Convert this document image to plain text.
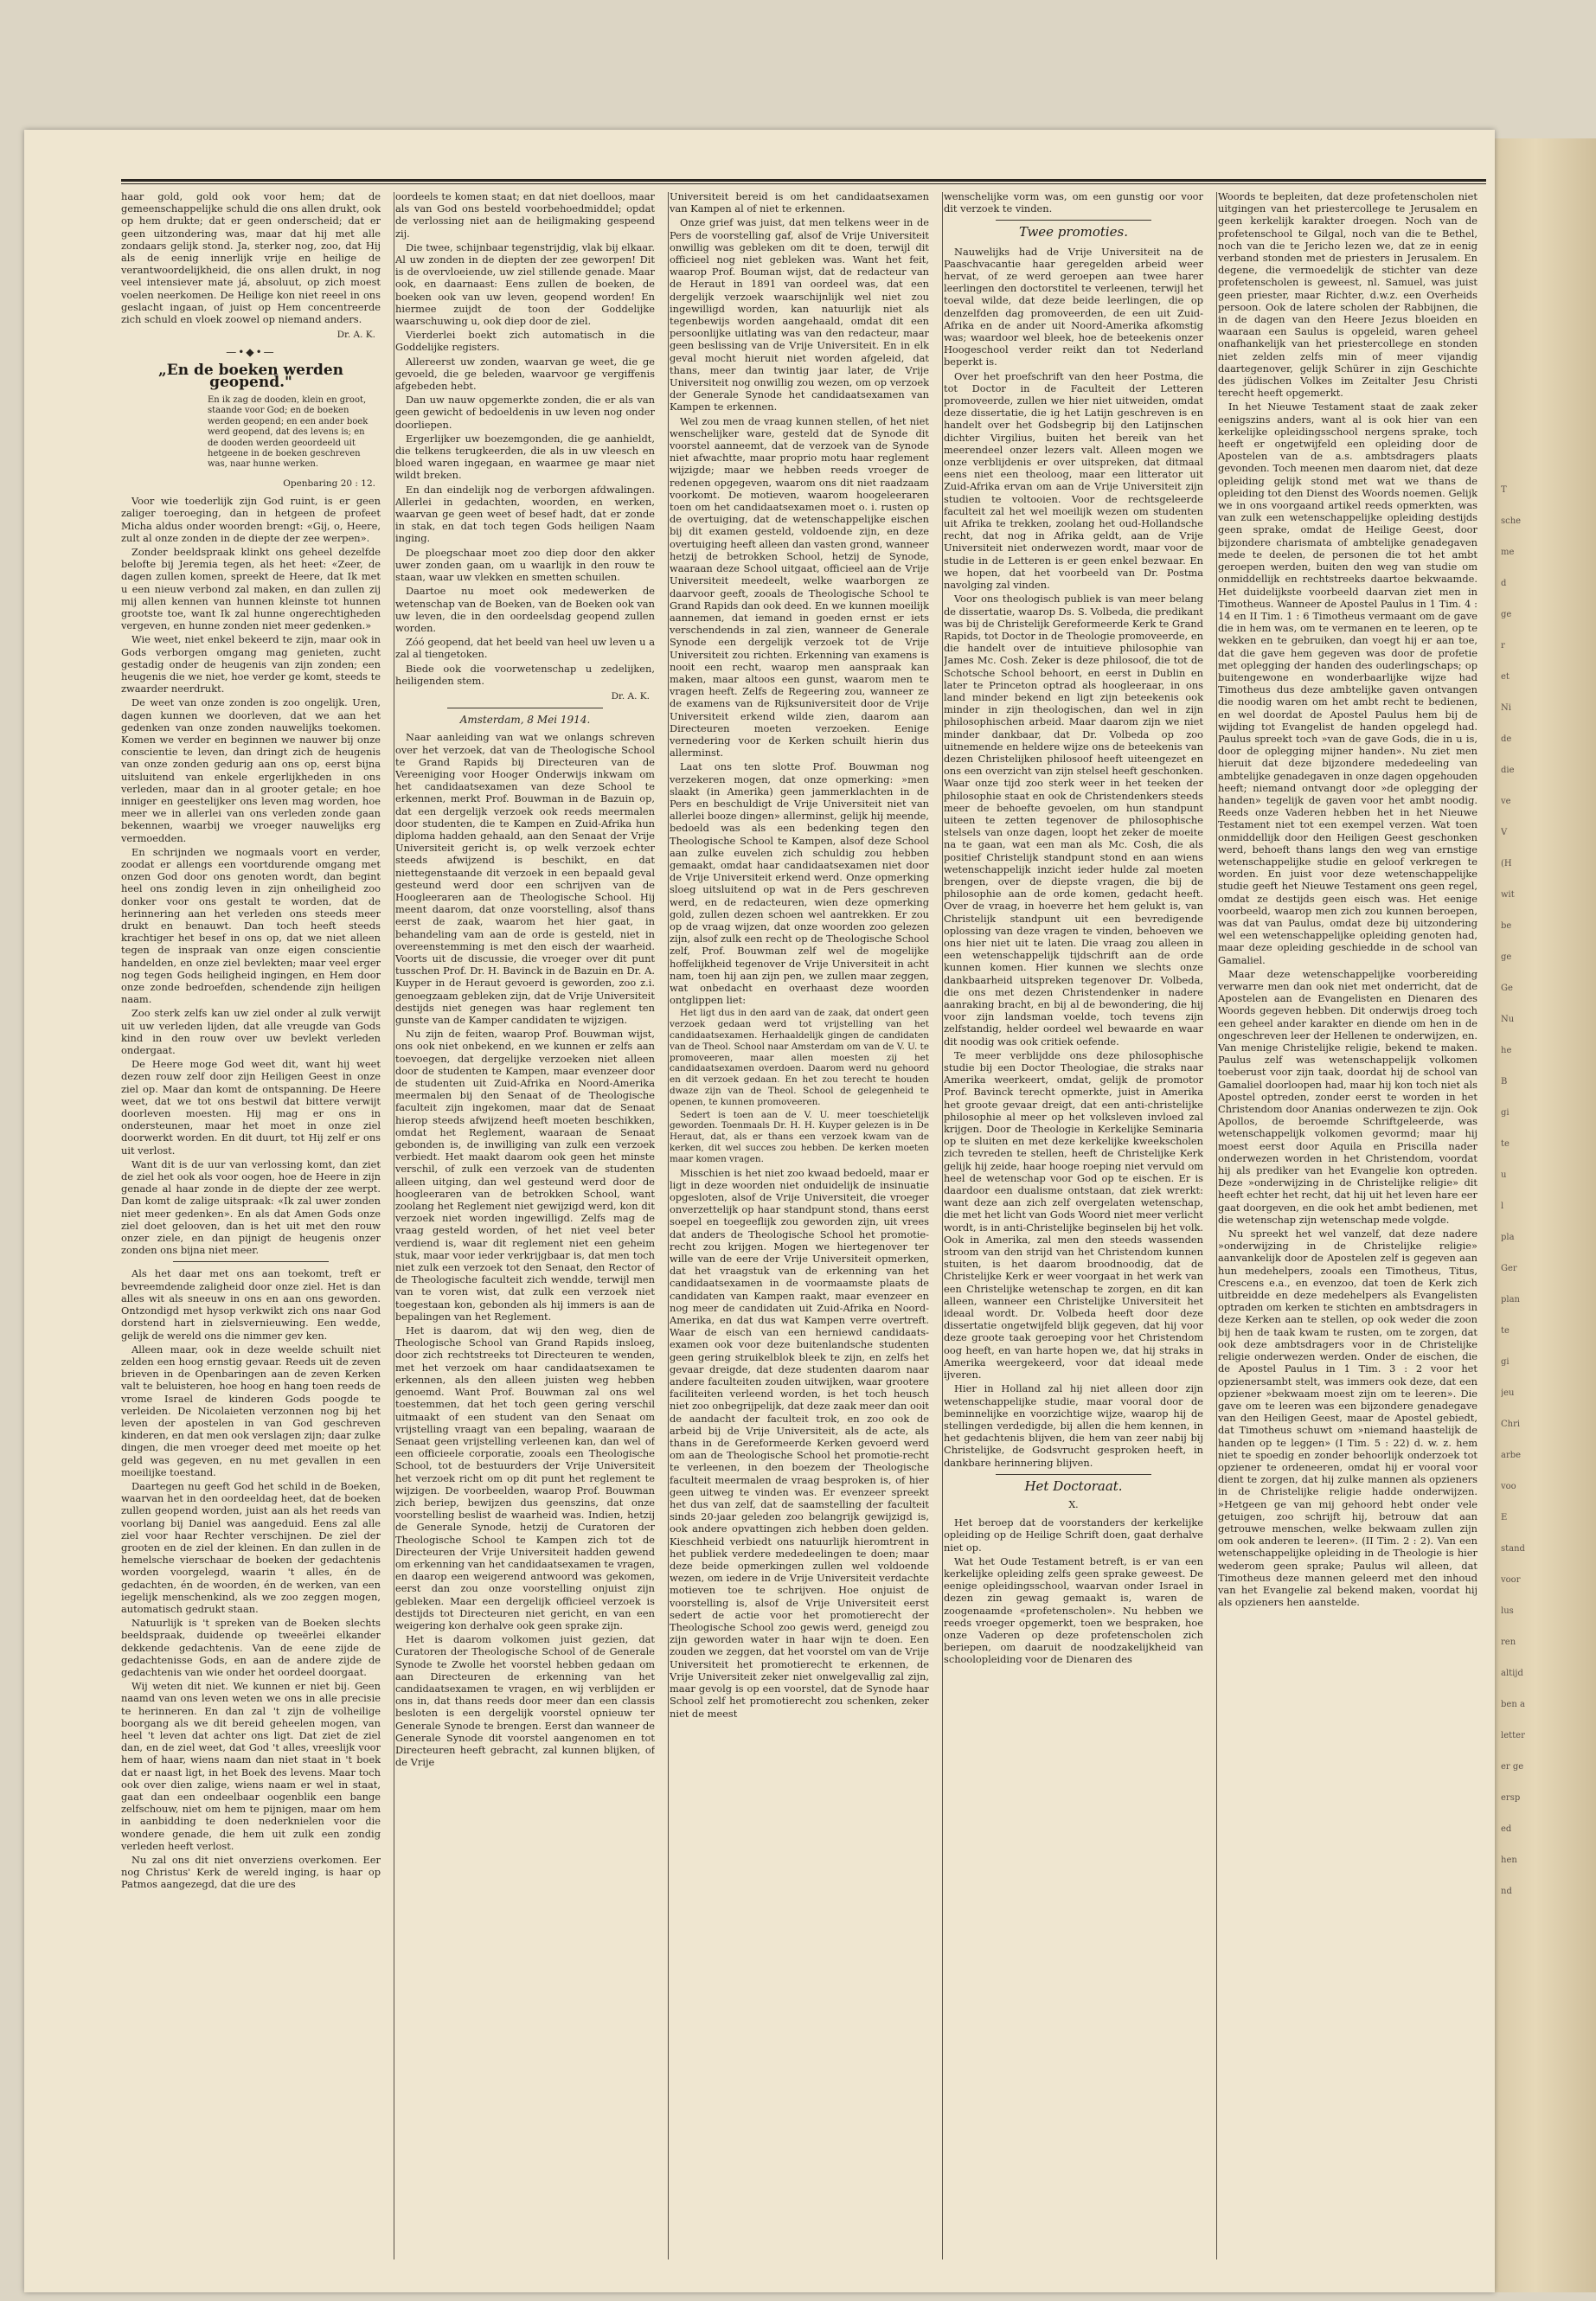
haar gold, gold ook voor hem; dat de gemeenschappelijke schuld die ons allen drukt, ook op hem drukte; dat er geen onderscheid; dat er geen uitzondering was, maar dat hij met alle zondaars gelijk stond. Ja, sterker nog, zoo, dat Hij als de eenig innerlijk vrije en heilige de verantwoordelijkheid, die ons allen drukt, in nog veel intensiever mate já, absoluut, op zich moest voelen neerkomen. De Heilige kon niet reeel in ons geslacht ingaan, of juist op Hem concentreerde zich schuld en vloek zoowel op niemand anders.

Dr. A. K.
—•◆•—
„En de boeken werden geopend."
En ik zag de dooden, klein en groot, staande voor God; en de boeken werden geopend; en een ander boek werd geopend, dat des levens is; en de dooden werden geoordeeld uit hetgeene in de boeken geschreven was, naar hunne werken.
Openbaring 20 : 12.

Voor wie toederlijk zijn God ruint, is er geen zaliger toeroeging, dan in hetgeen de profeet Micha aldus onder woorden brengt: «Gij, o, Heere, zult al onze zonden in de diepte der zee werpen».

Zonder beeldspraak klinkt ons geheel dezelfde belofte bij Jeremia tegen, als het heet: «Zeer, de dagen zullen komen, spreekt de Heere, dat Ik met u een nieuw verbond zal maken, en dan zullen zij mij allen kennen van hunnen kleinste tot hunnen grootste toe, want Ik zal hunne ongerechtigheden vergeven, en hunne zonden niet meer gedenken.»

Wie weet, niet enkel bekeerd te zijn, maar ook in Gods verborgen omgang mag genieten, zucht gestadig onder de heugenis van zijn zonden; een heugenis die we niet, hoe verder ge komt, steeds te zwaarder neerdrukt.

De weet van onze zonden is zoo ongelijk. Uren, dagen kunnen we doorleven, dat we aan het gedenken van onze zonden nauwelijks toekomen. Komen we verder en beginnen we nauwer bij onze conscientie te leven, dan dringt zich de heugenis van onze zonden gedurig aan ons op, eerst bijna uitsluitend van enkele ergerlijkheden in ons verleden, maar dan in al grooter getale; en hoe inniger en geestelijker ons leven mag worden, hoe meer we in allerlei van ons verleden zonde gaan bekennen, waarbij we vroeger nauwelijks erg vermoedden.

En schrijnden we nogmaals voort en verder, zoodat er allengs een voortdurende omgang met onzen God door ons genoten wordt, dan begint heel ons zondig leven in zijn onheiligheid zoo donker voor ons gestalt te worden, dat de herinnering aan het verleden ons steeds meer drukt en benauwt. Dan toch heeft steeds krachtiger het besef in ons op, dat we niet alleen tegen de inspraak van onze eigen conscientie handelden, en onze ziel bevlekten; maar veel erger nog tegen Gods heiligheid ingingen, en Hem door onze zonde bedroefden, schendende zijn heiligen naam.

Zoo sterk zelfs kan uw ziel onder al zulk verwijt uit uw verleden lijden, dat alle vreugde van Gods kind in den rouw over uw bevlekt verleden ondergaat.

De Heere moge God weet dit, want hij weet dezen rouw zelf door zijn Heiligen Geest in onze ziel op. Maar dan komt de ontspanning. De Heere weet, dat we tot ons bestwil dat bittere verwijt doorleven moesten. Hij mag er ons in ondersteunen, maar het moet in onze ziel doorwerkt worden. En dit duurt, tot Hij zelf er ons uit verlost.

Want dit is de uur van verlossing komt, dan ziet de ziel het ook als voor oogen, hoe de Heere in zijn genade al haar zonde in de diepte der zee werpt. Dan komt de zalige uitspraak: «Ik zal uwer zonden niet meer gedenken». En als dat Amen Gods onze ziel doet gelooven, dan is het uit met den rouw onzer ziele, en dan pijnigt de heugenis onzer zonden ons bijna niet meer.

Als het daar met ons aan toekomt, treft er bevreemdende zaligheid door onze ziel. Het is dan alles wit als sneeuw in ons en aan ons geworden. Ontzondigd met hysop verkwikt zich ons naar God dorstend hart in zielsvernieuwing. Een wedde, gelijk de wereld ons die nimmer gev ken.

Alleen maar, ook in deze weelde schuilt niet zelden een hoog ernstig gevaar. Reeds uit de zeven brieven in de Openbaringen aan de zeven Kerken valt te beluisteren, hoe hoog en hang toen reeds de vrome Israel de kinderen Gods poogde te verleiden. De Nicolaieten verzonnen nog bij het leven der apostelen in van God geschreven kinderen, en dat men ook verslagen zijn; daar zulke dingen, die men vroeger deed met moeite op het geld was gegeven, en nu met gevallen in een moeilijke toestand.

Daartegen nu geeft God het schild in de Boeken, waarvan het in den oordeeldag heet, dat de boeken zullen geopend worden, juist aan als het reeds van voorlang bij Daniel was aangeduid. Eens zal alle ziel voor haar Rechter verschijnen. De ziel der grooten en de ziel der kleinen. En dan zullen in de hemelsche vierschaar de boeken der gedachtenis worden voorgelegd, waarin 't alles, én de gedachten, én de woorden, én de werken, van een iegelijk menschenkind, als we zoo zeggen mogen, automatisch gedrukt staan.

Natuurlijk is 't spreken van de Boeken slechts beeldspraak, duidende op tweeërlei elkander dekkende gedachtenis. Van de eene zijde de gedachtenisse Gods, en aan de andere zijde de gedachtenis van wie onder het oordeel doorgaat.

Wij weten dit niet. We kunnen er niet bij. Geen naamd van ons leven weten we ons in alle precisie te herinneren. En dan zal 't zijn de volheilige boorgang als we dit bereid geheelen mogen, van heel 't leven dat achter ons ligt. Dat ziet de ziel dan, en de ziel weet, dat God 't alles, vreeslijk voor hem of haar, wiens naam dan niet staat in 't boek dat er naast ligt, in het Boek des levens. Maar toch ook over dien zalige, wiens naam er wel in staat, gaat dan een ondeelbaar oogenblik een bange zelfschouw, niet om hem te pijnigen, maar om hem in aanbidding te doen nederknielen voor die wondere genade, die hem uit zulk een zondig verleden heeft verlost.

Nu zal ons dit niet onverziens overkomen. Eer nog Christus' Kerk de wereld inging, is haar op Patmos aangezegd, dat die ure des

oordeels te komen staat; en dat niet doelloos, maar als van God ons besteld voorbehoedmiddel; opdat de verlossing niet aan de heiligmaking gespeend zij.

Die twee, schijnbaar tegenstrijdig, vlak bij elkaar. Al uw zonden in de diepten der zee geworpen! Dit is de overvloeiende, uw ziel stillende genade. Maar ook, en daarnaast: Eens zullen de boeken, de boeken ook van uw leven, geopend worden! En hiermee zuijdt de toon der Goddelijke waarschuwing u, ook diep door de ziel.

Vierderlei boekt zich automatisch in die Goddelijke registers.

Allereerst uw zonden, waarvan ge weet, die ge gevoeld, die ge beleden, waarvoor ge vergiffenis afgebeden hebt.

Dan uw nauw opgemerkte zonden, die er als van geen gewicht of bedoeldenis in uw leven nog onder doorliepen.

Ergerlijker uw boezemgonden, die ge aanhieldt, die telkens terugkeerden, die als in uw vleesch en bloed waren ingegaan, en waarmee ge maar niet wildt breken.

En dan eindelijk nog de verborgen afdwalingen. Allerlei in gedachten, woorden, en werken, waarvan ge geen weet of besef hadt, dat er zonde in stak, en dat toch tegen Gods heiligen Naam inging.

De ploegschaar moet zoo diep door den akker uwer zonden gaan, om u waarlijk in den rouw te staan, waar uw vlekken en smetten schuilen.

Daartoe nu moet ook medewerken de wetenschap van de Boeken, van de Boeken ook van uw leven, die in den oordeelsdag geopend zullen worden.

Zóó geopend, dat het beeld van heel uw leven u a zal al tiengetoken.

Biede ook die voorwetenschap u zedelijken, heiligenden stem.

Dr. A. K.
Amsterdam, 8 Mei 1914.

Naar aanleiding van wat we onlangs schreven over het verzoek, dat van de Theologische School te Grand Rapids bij Directeuren van de Vereeniging voor Hooger Onderwijs inkwam om het candidaatsexamen van deze School te erkennen, merkt Prof. Bouwman in de Bazuin op, dat een dergelijk verzoek ook reeds meermalen door studenten, die te Kampen en Zuid-Afrika hun diploma hadden gehaald, aan den Senaat der Vrije Universiteit gericht is, op welk verzoek echter steeds afwijzend is beschikt, en dat niettegenstaande dit verzoek in een bepaald geval gesteund werd door een schrijven van de Hoogleeraren aan de Theologische School. Hij meent daarom, dat onze voorstelling, alsof thans eerst de zaak, waarom het hier gaat, in behandeling vam aan de orde is gesteld, niet in overeenstemming is met den eisch der waarheid. Voorts uit de discussie, die vroeger over dit punt tusschen Prof. Dr. H. Bavinck in de Bazuin en Dr. A. Kuyper in de Heraut gevoerd is geworden, zoo z.i. genoegzaam gebleken zijn, dat de Vrije Universiteit destijds niet genegen was haar reglement ten gunste van de Kamper candidaten te wijzigen.

Nu zijn de feiten, waarop Prof. Bouwman wijst, ons ook niet onbekend, en we kunnen er zelfs aan toevoegen, dat dergelijke verzoeken niet alleen door de studenten te Kampen, maar evenzeer door de studenten uit Zuid-Afrika en Noord-Amerika meermalen bij den Senaat of de Theologische faculteit zijn ingekomen, maar dat de Senaat hierop steeds afwijzend heeft moeten beschikken, omdat het Reglement, waaraan de Senaat gebonden is, de inwilliging van zulk een verzoek verbiedt. Het maakt daarom ook geen het minste verschil, of zulk een verzoek van de studenten alleen uitging, dan wel gesteund werd door de hoogleeraren van de betrokken School, want zoolang het Reglement niet gewijzigd werd, kon dit verzoek niet worden ingewilligd. Zelfs mag de vraag gesteld worden, of het niet veel beter verdiend is, waar dit reglement niet een geheim stuk, maar voor ieder verkrijgbaar is, dat men toch niet zulk een verzoek tot den Senaat, den Rector of de Theologische faculteit zich wendde, terwijl men van te voren wist, dat zulk een verzoek niet toegestaan kon, gebonden als hij immers is aan de bepalingen van het Reglement.

Het is daarom, dat wij den weg, dien de Theologische School van Grand Rapids insloeg, door zich rechtstreeks tot Directeuren te wenden, met het verzoek om haar candidaatsexamen te erkennen, als den alleen juisten weg hebben genoemd. Want Prof. Bouwman zal ons wel toestemmen, dat het toch geen gering verschil uitmaakt of een student van den Senaat om vrijstelling vraagt van een bepaling, waaraan de Senaat geen vrijstelling verleenen kan, dan wel of een officieele corporatie, zooals een Theologische School, tot de bestuurders der Vrije Universiteit het verzoek richt om op dit punt het reglement te wijzigen. De voorbeelden, waarop Prof. Bouwman zich beriep, bewijzen dus geenszins, dat onze voorstelling beslist de waarheid was. Indien, hetzij de Generale Synode, hetzij de Curatoren der Theologische School te Kampen zich tot de Directeuren der Vrije Universiteit hadden gewend om erkenning van het candidaatsexamen te vragen, en daarop een weigerend antwoord was gekomen, eerst dan zou onze voorstelling onjuist zijn gebleken. Maar een dergelijk officieel verzoek is destijds tot Directeuren niet gericht, en van een weigering kon derhalve ook geen sprake zijn.

Het is daarom volkomen juist gezien, dat Curatoren der Theologische School of de Generale Synode te Zwolle het voorstel hebben gedaan om aan Directeuren de erkenning van het candidaatsexamen te vragen, en wij verblijden er ons in, dat thans reeds door meer dan een classis besloten is een dergelijk voorstel opnieuw ter Generale Synode te brengen. Eerst dan wanneer de Generale Synode dit voorstel aangenomen en tot Directeuren heeft gebracht, zal kunnen blijken, of de Vrije

Universiteit bereid is om het candidaatsexamen van Kampen al of niet te erkennen.

Onze grief was juist, dat men telkens weer in de Pers de voorstelling gaf, alsof de Vrije Universiteit onwillig was gebleken om dit te doen, terwijl dit officieel nog niet gebleken was. Want het feit, waarop Prof. Bouman wijst, dat de redacteur van de Heraut in 1891 van oordeel was, dat een dergelijk verzoek waarschijnlijk wel niet zou ingewilligd worden, kan natuurlijk niet als tegenbewijs worden aangehaald, omdat dit een persoonlijke uitlating was van den redacteur, maar geen beslissing van de Vrije Universiteit. En in elk geval mocht hieruit niet worden afgeleid, dat thans, meer dan twintig jaar later, de Vrije Universiteit nog onwillig zou wezen, om op verzoek der Generale Synode het candidaatsexamen van Kampen te erkennen.

Wel zou men de vraag kunnen stellen, of het niet wenschelijker ware, gesteld dat de Synode dit voorstel aanneemt, dat de verzoek van de Synode niet afwachtte, maar proprio motu haar reglement wijzigde; maar we hebben reeds vroeger de redenen opgegeven, waarom ons dit niet raadzaam voorkomt. De motieven, waarom hoogeleeraren toen om het candidaatsexamen moet o. i. rusten op de overtuiging, dat de wetenschappelijke eischen bij dit examen gesteld, voldoende zijn, en deze overtuiging heeft alleen dan vasten grond, wanneer hetzij de betrokken School, hetzij de Synode, waaraan deze School uitgaat, officieel aan de Vrije Universiteit meedeelt, welke waarborgen ze daarvoor geeft, zooals de Theologische School te Grand Rapids dan ook deed. En we kunnen moeilijk aannemen, dat iemand in goeden ernst er iets verschendends in zal zien, wanneer de Generale Synode een dergelijk verzoek tot de Vrije Universiteit zou richten. Erkenning van examens is nooit een recht, waarop men aanspraak kan maken, maar altoos een gunst, waarom men te vragen heeft. Zelfs de Regeering zou, wanneer ze de examens van de Rijksuniversiteit door de Vrije Universiteit erkend wilde zien, daarom aan Directeuren moeten verzoeken. Eenige vernedering voor de Kerken schuilt hierin dus allerminst.

Laat ons ten slotte Prof. Bouwman nog verzekeren mogen, dat onze opmerking: »men slaakt (in Amerika) geen jammerklachten in de Pers en beschuldigt de Vrije Universiteit niet van allerlei booze dingen» allerminst, gelijk hij meende, bedoeld was als een bedenking tegen den Theologische School te Kampen, alsof deze School aan zulke euvelen zich schuldig zou hebben gemaakt, omdat haar candidaatsexamen niet door de Vrije Universiteit erkend werd. Onze opmerking sloeg uitsluitend op wat in de Pers geschreven werd, en de redacteuren, wien deze opmerking gold, zullen dezen schoen wel aantrekken. Er zou op de vraag wijzen, dat onze woorden zoo gelezen zijn, alsof zulk een recht op de Theologische School zelf, Prof. Bouwman zelf wel de mogelijke hoffelijkheid tegenover de Vrije Universiteit in acht nam, toen hij aan zijn pen, we zullen maar zeggen, wat onbedacht en overhaast deze woorden ontglippen liet:

Het ligt dus in den aard van de zaak, dat ondert geen verzoek gedaan werd tot vrijstelling van het candidaatsexamen. Herhaaldelijk gingen de candidaten van de Theol. School naar Amsterdam om van de V. U. te promoveeren, maar allen moesten zij het candidaatsexamen overdoen. Daarom werd nu gehoord en dit verzoek gedaan. En het zou terecht te houden dwaze zijn van de Theol. School de gelegenheid te openen, te kunnen promoveeren.

Sedert is toen aan de V. U. meer toeschietelijk geworden. Toenmaals Dr. H. H. Kuyper gelezen is in De Heraut, dat, als er thans een verzoek kwam van de kerken, dit wel succes zou hebben. De kerken moeten maar komen vragen.

Misschien is het niet zoo kwaad bedoeld, maar er ligt in deze woorden niet onduidelijk de insinuatie opgesloten, alsof de Vrije Universiteit, die vroeger onverzettelijk op haar standpunt stond, thans eerst soepel en toegeeflijk zou geworden zijn, uit vrees dat anders de Theologische School het promotie-recht zou krijgen. Mogen we hiertegenover ter wille van de eere der Vrije Universiteit opmerken, dat het vraagstuk van de erkenning van het candidaatsexamen in de voormaamste plaats de candidaten van Kampen raakt, maar evenzeer en nog meer de candidaten uit Zuid-Afrika en Noord-Amerika, en dat dus wat Kampen verre overtreft. Waar de eisch van een herniewd candidaats-examen ook voor deze buitenlandsche studenten geen gering struikelblok bleek te zijn, en zelfs het gevaar dreigde, dat deze studenten daarom naar andere faculteiten zouden uitwijken, waar grootere faciliteiten verleend worden, is het toch heusch niet zoo onbegrijpelijk, dat deze zaak meer dan ooit de aandacht der faculteit trok, en zoo ook de arbeid bij de Vrije Universiteit, als de acte, als thans in de Gereformeerde Kerken gevoerd werd om aan de Theologische School het promotie-recht te verleenen, in den boezem der Theologische faculteit meermalen de vraag besproken is, of hier geen uitweg te vinden was. Er evenzeer spreekt het dus van zelf, dat de saamstelling der faculteit sinds 20-jaar geleden zoo belangrijk gewijzigd is, ook andere opvattingen zich hebben doen gelden. Kieschheid verbiedt ons natuurlijk hieromtrent in het publiek verdere mededeelingen te doen; maar deze beide opmerkingen zullen wel voldoende wezen, om iedere in de Vrije Universiteit verdachte motieven toe te schrijven. Hoe onjuist de voorstelling is, alsof de Vrije Universiteit eerst sedert de actie voor het promotierecht der Theologische School zoo gewis werd, geneigd zou zijn geworden water in haar wijn te doen. Een zouden we zeggen, dat het voorstel om van de Vrije Universiteit het promotierecht te erkennen, de Vrije Universiteit zeker niet onwelgevallig zal zijn, maar gevolg is op een voorstel, dat de Synode haar School zelf het promotierecht zou schenken, zeker niet de meest

wenschelijke vorm was, om een gunstig oor voor dit verzoek te vinden.

Twee promoties.

Nauwelijks had de Vrije Universiteit na de Paaschvacantie haar geregelden arbeid weer hervat, of ze werd geroepen aan twee harer leerlingen den doctorstitel te verleenen, terwijl het toeval wilde, dat deze beide leerlingen, die op denzelfden dag promoveerden, de een uit Zuid-Afrika en de ander uit Noord-Amerika afkomstig was; waardoor wel bleek, hoe de beteekenis onzer Hoogeschool verder reikt dan tot Nederland beperkt is.

Over het proefschrift van den heer Postma, die tot Doctor in de Faculteit der Letteren promoveerde, zullen we hier niet uitweiden, omdat deze dissertatie, die ig het Latijn geschreven is en handelt over het Godsbegrip bij den Latijnschen dichter Virgilius, buiten het bereik van het meerendeel onzer lezers valt. Alleen mogen we onze verblijdenis er over uitspreken, dat ditmaal eens niet een theoloog, maar een litterator uit Zuid-Afrika ervan om aan de Vrije Universiteit zijn studien te voltooien. Voor de rechtsgeleerde faculteit zal het wel moeilijk wezen om studenten uit Afrika te trekken, zoolang het oud-Hollandsche recht, dat nog in Afrika geldt, aan de Vrije Universiteit niet onderwezen wordt, maar voor de studie in de Letteren is er geen enkel bezwaar. En we hopen, dat het voorbeeld van Dr. Postma navolging zal vinden.

Voor ons theologisch publiek is van meer belang de dissertatie, waarop Ds. S. Volbeda, die predikant was bij de Christelijk Gereformeerde Kerk te Grand Rapids, tot Doctor in de Theologie promoveerde, en die handelt over de intuitieve philosophie van James Mc. Cosh. Zeker is deze philosoof, die tot de Schotsche School behoort, en eerst in Dublin en later te Princeton optrad als hoogleeraar, in ons land minder bekend en ligt zijn beteekenis ook minder in zijn theologischen, dan wel in zijn philosophischen arbeid. Maar daarom zijn we niet minder dankbaar, dat Dr. Volbeda op zoo uitnemende en heldere wijze ons de beteekenis van dezen Christelijken philosoof heeft uiteengezet en ons een overzicht van zijn stelsel heeft geschonken. Waar onze tijd zoo sterk weer in het teeken der philosophie staat en ook de Christendenkers steeds meer de behoefte gevoelen, om hun standpunt uiteen te zetten tegenover de philosophische stelsels van onze dagen, loopt het zeker de moeite na te gaan, wat een man als Mc. Cosh, die als positief Christelijk standpunt stond en aan wiens wetenschappelijk inzicht ieder hulde zal moeten brengen, over de diepste vragen, die bij de philosophie aan de orde komen, gedacht heeft. Over de vraag, in hoeverre het hem gelukt is, van Christelijk standpunt uit een bevredigende oplossing van deze vragen te vinden, behoeven we ons hier niet uit te laten. Die vraag zou alleen in een wetenschappelijk tijdschrift aan de orde kunnen komen. Hier kunnen we slechts onze dankbaarheid uitspreken tegenover Dr. Volbeda, die ons met dezen Christendenker in nadere aanraking bracht, en bij al de bewondering, die hij voor zijn landsman voelde, toch tevens zijn zelfstandig, helder oordeel wel bewaarde en waar dit noodig was ook critiek oefende.

Te meer verblijdde ons deze philosophische studie bij een Doctor Theologiae, die straks naar Amerika weerkeert, omdat, gelijk de promotor Prof. Bavinck terecht opmerkte, juist in Amerika het groote gevaar dreigt, dat een anti-christelijke philosophie al meer op het volksleven invloed zal krijgen. Door de Theologie in Kerkelijke Seminaria op te sluiten en met deze kerkelijke kweekscholen zich tevreden te stellen, heeft de Christelijke Kerk gelijk hij zeide, haar hooge roeping niet vervuld om heel de wetenschap voor God op te eischen. Er is daardoor een dualisme ontstaan, dat ziek wrerkt: want deze aan zich zelf overgelaten wetenschap, die met het licht van Gods Woord niet meer verlicht wordt, is in anti-Christelijke beginselen bij het volk. Ook in Amerika, zal men den steeds wassenden stroom van den strijd van het Christendom kunnen stuiten, is het daarom broodnoodig, dat de Christelijke Kerk er weer voorgaat in het werk van een Christelijke wetenschap te zorgen, en dit kan alleen, wanneer een Christelijke Universiteit het ideaal wordt. Dr. Volbeda heeft door deze dissertatie ongetwijfeld blijk gegeven, dat hij voor deze groote taak geroeping voor het Christendom oog heeft, en van harte hopen we, dat hij straks in Amerika weergekeerd, voor dat ideaal mede ijveren.

Hier in Holland zal hij niet alleen door zijn wetenschappelijke studie, maar vooral door de beminnelijke en voorzichtige wijze, waarop hij de stellingen verdedigde, bij allen die hem kennen, in het gedachtenis blijven, die hem van zeer nabij bij Christelijke, de Godsvrucht gesproken heeft, in dankbare herinnering blijven.

Het Doctoraat.
X.

Het beroep dat de voorstanders der kerkelijke opleiding op de Heilige Schrift doen, gaat derhalve niet op.

Wat het Oude Testament betreft, is er van een kerkelijke opleiding zelfs geen sprake geweest. De eenige opleidingsschool, waarvan onder Israel in dezen zin gewag gemaakt is, waren de zoogenaamde «profetenscholen». Nu hebben we reeds vroeger opgemerkt, toen we bespraken, hoe onze Vaderen op deze profetenscholen zich beriepen, om daaruit de noodzakelijkheid van schoolopleiding voor de Dienaren des

Woords te bepleiten, dat deze profetenscholen niet uitgingen van het priestercollege te Jerusalem en geen kerkelijk karakter droegen. Noch van de profetenschool te Gilgal, noch van die te Bethel, noch van die te Jericho lezen we, dat ze in eenig verband stonden met de priesters in Jerusalem. En degene, die vermoedelijk de stichter van deze profetenscholen is geweest, nl. Samuel, was juist geen priester, maar Richter, d.w.z. een Overheids persoon. Ook de latere scholen der Rabbijnen, die in de dagen van den Heere Jezus bloeiden en waaraan een Saulus is opgeleid, waren geheel onafhankelijk van het priestercollege en stonden niet zelden zelfs min of meer vijandig daartegenover, gelijk Schürer in zijn Geschichte des jüdischen Volkes im Zeitalter Jesu Christi terecht heeft opgemerkt.

In het Nieuwe Testament staat de zaak zeker eenigszins anders, want al is ook hier van een kerkelijke opleidingsschool nergens sprake, toch heeft er ongetwijfeld een opleiding door de Apostelen van de a.s. ambtsdragers plaats gevonden. Toch meenen men daarom niet, dat deze opleiding gelijk stond met wat we thans de opleiding tot den Dienst des Woords noemen. Gelijk we in ons voorgaand artikel reeds opmerkten, was van zulk een wetenschappelijke opleiding destijds geen sprake, omdat de Heilige Geest, door bijzondere charismata of ambtelijke genadegaven mede te deelen, de personen die tot het ambt geroepen werden, buiten den weg van studie om onmiddellijk en rechtstreeks daartoe bekwaamde. Het duidelijkste voorbeeld daarvan ziet men in Timotheus. Wanneer de Apostel Paulus in 1 Tim. 4 : 14 en II Tim. 1 : 6 Timotheus vermaant om de gave die in hem was, om te vermanen en te leeren, op te wekken en te gebruiken, dan voegt hij er aan toe, dat die gave hem gegeven was door de profetie met oplegging der handen des ouderlingschaps; op buitengewone en wonderbaarlijke wijze had Timotheus dus deze ambtelijke gaven ontvangen die noodig waren om het ambt recht te bedienen, en wel doordat de Apostel Paulus hem bij de wijding tot Evangelist de handen opgelegd had. Paulus spreekt toch »van de gave Gods, die in u is, door de oplegging mijner handen». Nu ziet men hieruit dat deze bijzondere mededeeling van ambtelijke genadegaven in onze dagen opgehouden heeft; niemand ontvangt door »de oplegging der handen» tegelijk de gaven voor het ambt noodig. Reeds onze Vaderen hebben het in het Nieuwe Testament niet tot een exempel verzen. Wat toen onmiddellijk door den Heiligen Geest geschonken werd, behoeft thans langs den weg van ernstige wetenschappelijke studie en geloof verkregen te worden. En juist voor deze wetenschappelijke studie geeft het Nieuwe Testament ons geen regel, omdat ze destijds geen eisch was. Het eenige voorbeeld, waarop men zich zou kunnen beroepen, was dat van Paulus, omdat deze bij uitzondering wel een wetenschappelijke opleiding genoten had, maar deze opleiding geschiedde in de school van Gamaliel.

Maar deze wetenschappelijke voorbereiding verwarre men dan ook niet met onderricht, dat de Apostelen aan de Evangelisten en Dienaren des Woords gegeven hebben. Dit onderwijs droeg toch een geheel ander karakter en diende om hen in de ongeschreven leer der Hellenen te onderwijzen, en. Van menige Christelijke religie, bekend te maken. Paulus zelf was wetenschappelijk volkomen toeberust voor zijn taak, doordat hij de school van Gamaliel doorloopen had, maar hij kon toch niet als Apostel optreden, zonder eerst te worden in het Christendom door Ananias onderwezen te zijn. Ook Apollos, de beroemde Schriftgeleerde, was wetenschappelijk volkomen gevormd; maar hij moest eerst door Aquila en Priscilla nader onderwezen worden in het Christendom, voordat hij als prediker van het Evangelie kon optreden. Deze »onderwijzing in de Christelijke religie» dit heeft echter het recht, dat hij uit het leven hare eer gaat doorgeven, en die ook het ambt bedienen, met die wetenschap zijn wetenschap mede volgde.

Nu spreekt het wel vanzelf, dat deze nadere »onderwijzing in de Christelijke religie» aanvankelijk door de Apostelen zelf is gegeven aan hun medehelpers, zooals een Timotheus, Titus, Crescens e.a., en evenzoo, dat toen de Kerk zich uitbreidde en deze medehelpers als Evangelisten optraden om kerken te stichten en ambtsdragers in deze Kerken aan te stellen, op ook weder die zoon bij hen de taak kwam te rusten, om te zorgen, dat ook deze ambtsdragers voor in de Christelijke religie onderwezen werden. Onder de eischen, die de Apostel Paulus in 1 Tim. 3 : 2 voor het opzienersambt stelt, was immers ook deze, dat een opziener »bekwaam moest zijn om te leeren». Die gave om te leeren was een bijzondere genadegave van den Heiligen Geest, maar de Apostel gebiedt, dat Timotheus schuwt om »niemand haastelijk de handen op te leggen» (I Tim. 5 : 22) d. w. z. hem niet te spoedig en zonder behoorlijk onderzoek tot opziener te ordeneeren, omdat hij er vooral voor dient te zorgen, dat hij zulke mannen als opzieners in de Christelijke religie hadde onderwijzen. »Hetgeen ge van mij gehoord hebt onder vele getuigen, zoo schrijft hij, betrouw dat aan getrouwe menschen, welke bekwaam zullen zijn om ook anderen te leeren». (II Tim. 2 : 2). Van een wetenschappelijke opleiding in de Theologie is hier wederom geen sprake; Paulus wil alleen, dat Timotheus deze mannen geleerd met den inhoud van het Evangelie zal bekend maken, voordat hij als opzieners hen aanstelde.

T
sche
me
d
ge
r
et
Ni
de
die
ve
V
(H
wit
be
ge
Ge
Nu
he
B
gi
te
u
l
pla
Ger
plan
te
gi
jeu
Chri
arbe
voo
E
stand
voor
lus
ren
altijd
ben a
letter
er ge
ersp
ed
hen
nd
